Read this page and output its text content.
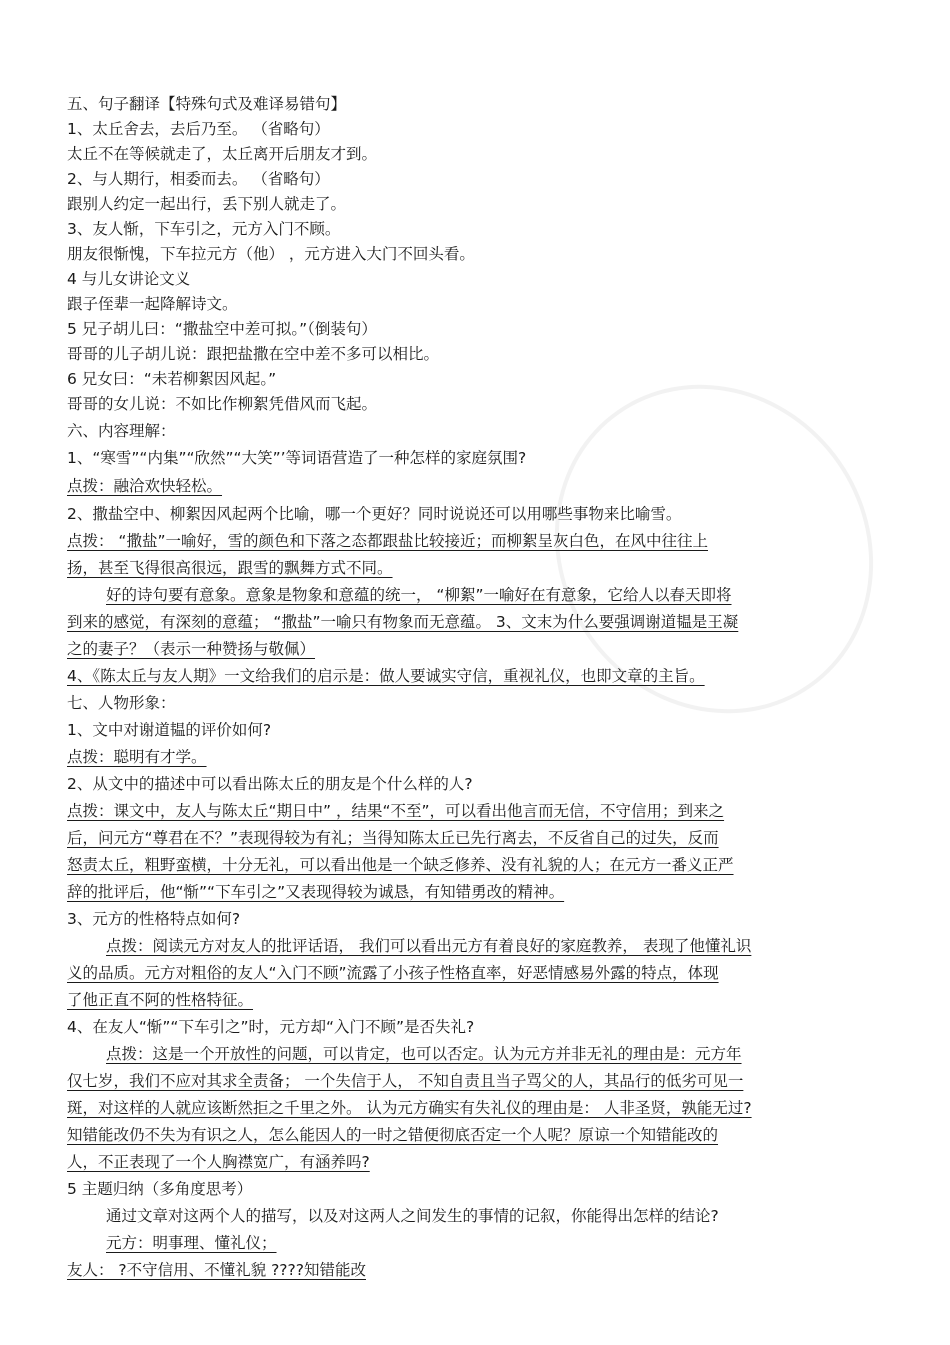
五、句子翻译【特殊句式及难译易错句】
1、太丘舍去，去后乃至。 （省略句）
太丘不在等候就走了，太丘离开后朋友才到。
2、与人期行，相委而去。 （省略句）
跟别人约定一起出行，丢下别人就走了。
3、友人惭，下车引之，元方入门不顾。
朋友很惭愧，下车拉元方（他） ，元方进入大门不回头看。
4 与儿女讲论文义
跟子侄辈一起降解诗文。
5 兄子胡儿曰：“撒盐空中差可拟。”（倒装句）
哥哥的儿子胡儿说：跟把盐撒在空中差不多可以相比。
6 兄女曰：“未若柳絮因风起。”
哥哥的女儿说：不如比作柳絮凭借风而飞起。
六、内容理解：
1、“寒雪”“内集”“欣然”“大笑”’等词语营造了一种怎样的家庭氛围?
点拨：融洽欢快轻松。
2、撒盐空中、柳絮因风起两个比喻，哪一个更好？同时说说还可以用哪些事物来比喻雪。
点拨： “撒盐”一喻好，雪的颜色和下落之态都跟盐比较接近；而柳絮呈灰白色，在风中往往上
扬，甚至飞得很高很远，跟雪的飘舞方式不同。
好的诗句要有意象。意象是物象和意蕴的统一， “柳絮”一喻好在有意象，它给人以春天即将
到来的感觉，有深刻的意蕴； “撒盐”一喻只有物象而无意蕴。 3、文末为什么要强调谢道韫是王凝
之的妻子？（表示一种赞扬与敬佩）
4、《陈太丘与友人期》一文给我们的启示是：做人要诚实守信，重视礼仪，也即文章的主旨。
七、人物形象：
1、文中对谢道韫的评价如何?
点拨：聪明有才学。
2、从文中的描述中可以看出陈太丘的朋友是个什么样的人?
点拨：课文中，友人与陈太丘“期日中” ，结果“不至”，可以看出他言而无信，不守信用；到来之
后，问元方“尊君在不？”表现得较为有礼；当得知陈太丘已先行离去，不反省自己的过失，反而
怒责太丘，粗野蛮横，十分无礼，可以看出他是一个缺乏修养、没有礼貌的人；在元方一番义正严
辞的批评后，他“惭”“下车引之”又表现得较为诚恳，有知错勇改的精神。
3、元方的性格特点如何?
点拨：阅读元方对友人的批评话语， 我们可以看出元方有着良好的家庭教养， 表现了他懂礼识
义的品质。元方对粗俗的友人“入门不顾”流露了小孩子性格直率，好恶情感易外露的特点，体现
了他正直不阿的性格特征。
4、在友人“惭”“下车引之”时，元方却“入门不顾”是否失礼?
点拨：这是一个开放性的问题，可以肯定，也可以否定。认为元方并非无礼的理由是：元方年
仅七岁，我们不应对其求全责备； 一个失信于人， 不知自责且当子骂父的人，其品行的低劣可见一
斑，对这样的人就应该断然拒之千里之外。 认为元方确实有失礼仪的理由是： 人非圣贤，孰能无过?
知错能改仍不失为有识之人，怎么能因人的一时之错便彻底否定一个人呢？原谅一个知错能改的
人，不正表现了一个人胸襟宽广，有涵养吗?
5 主题归纳（多角度思考）
通过文章对这两个人的描写，以及对这两人之间发生的事情的记叙，你能得出怎样的结论?
元方：明事理、懂礼仪；
友人： ?不守信用、不懂礼貌 ????知错能改
